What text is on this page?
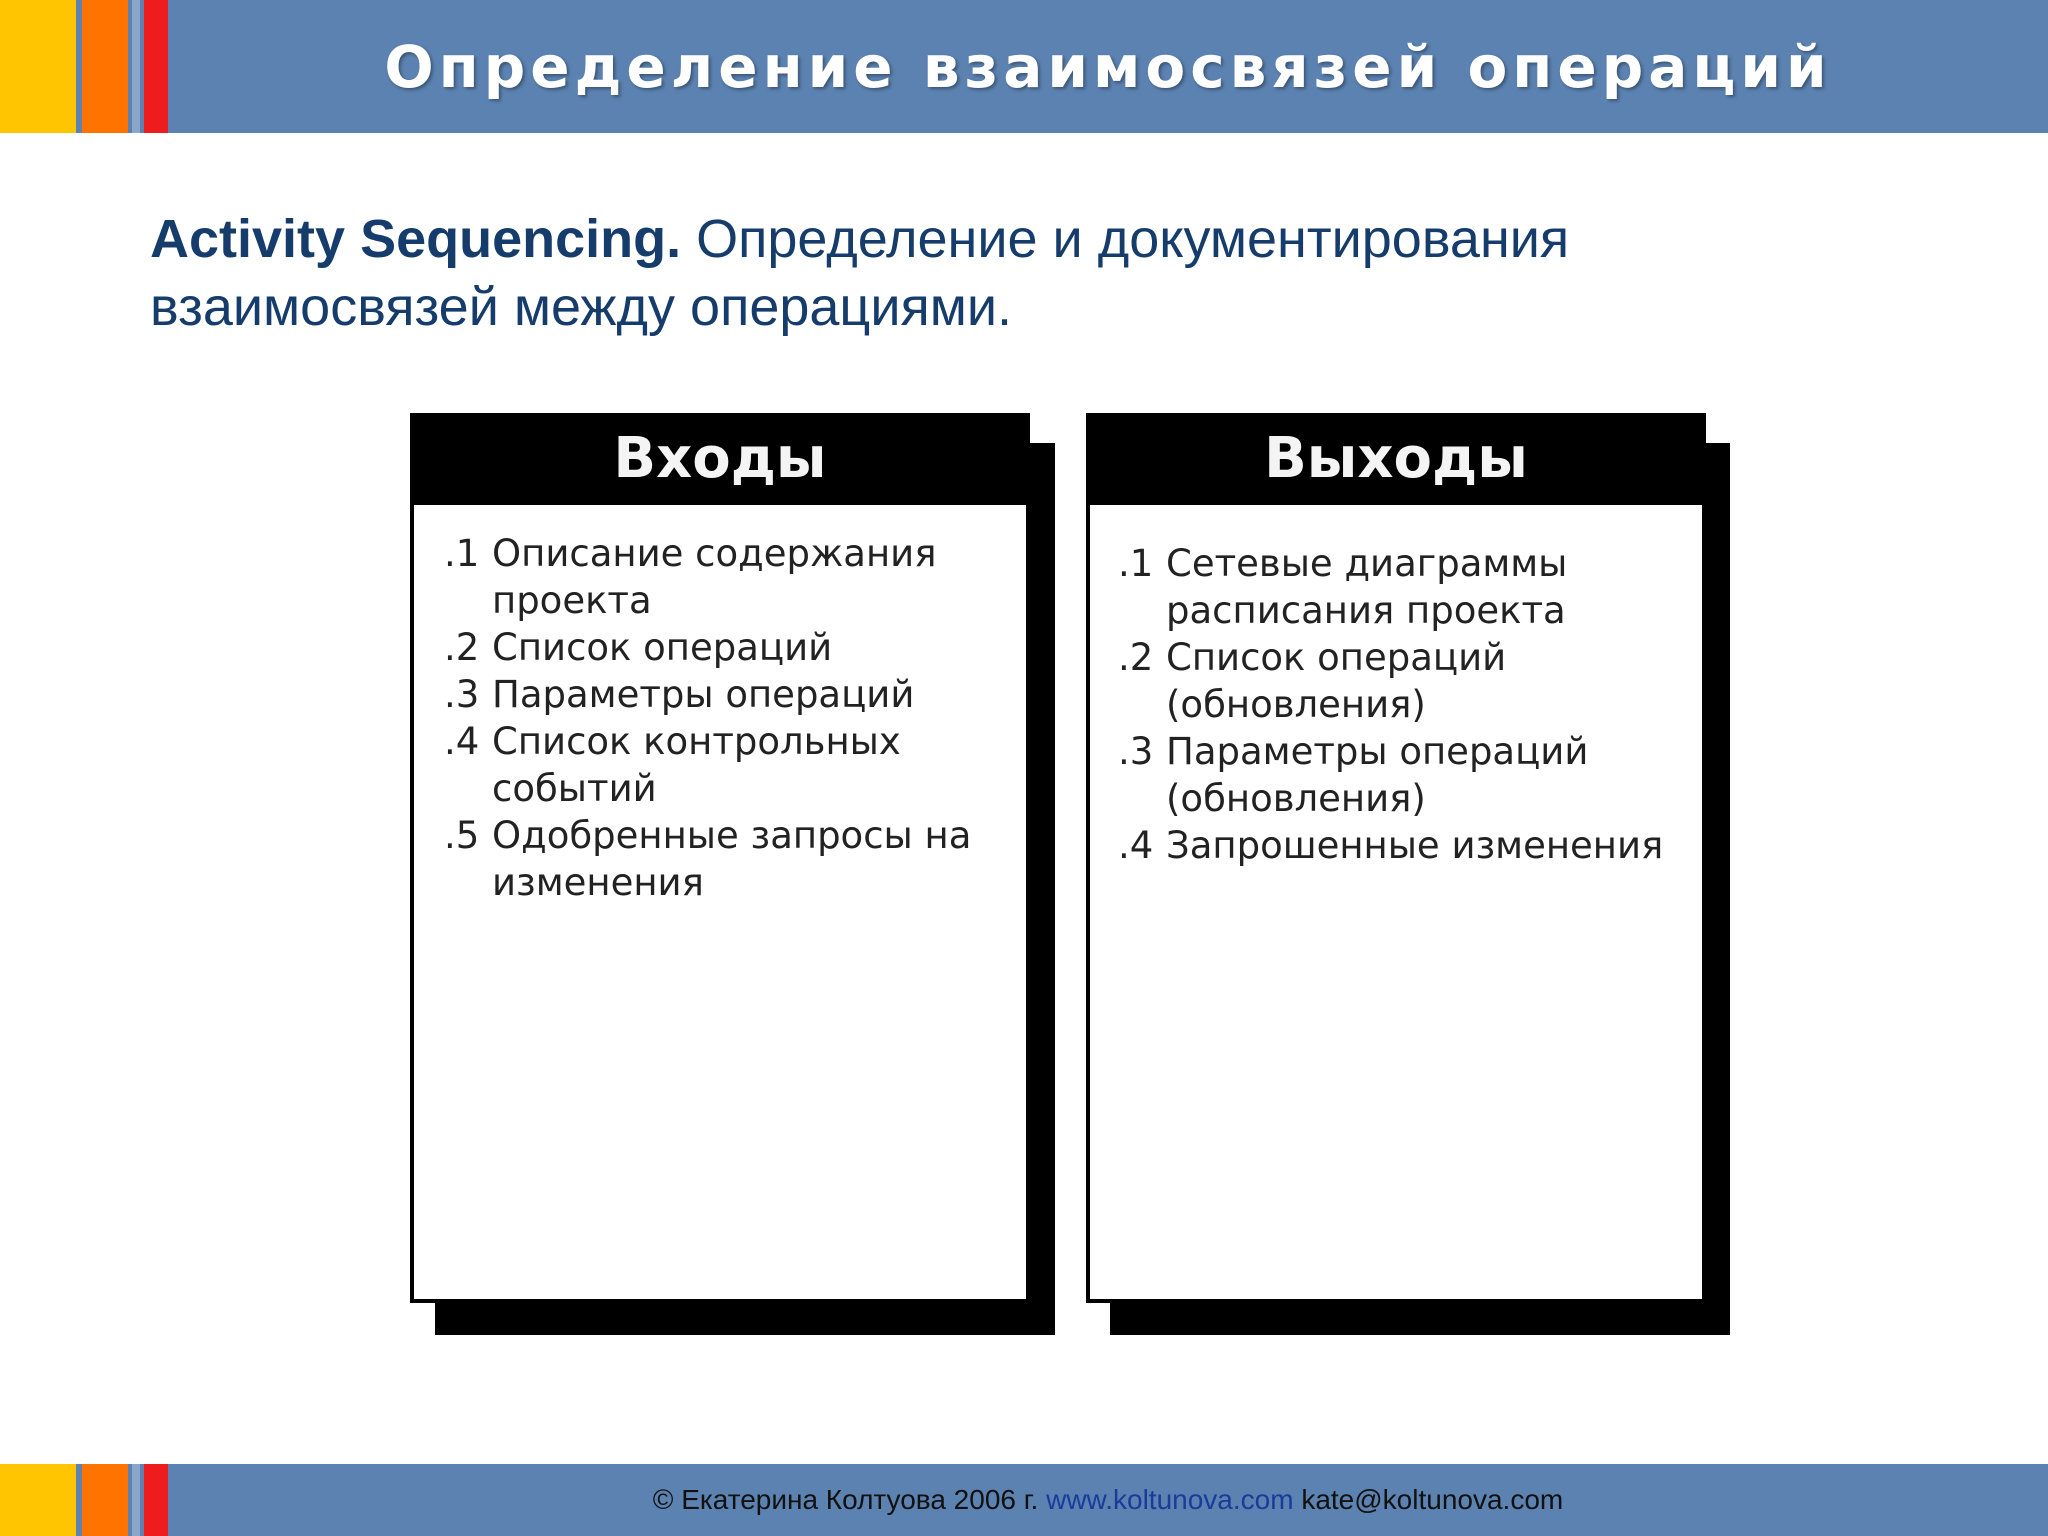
Определение взаимосвязей операций
Activity Sequencing. Определение и документирования взаимосвязей между операциями.
Входы
.1 Описание содержания проекта
.2 Список операций
.3 Параметры операций
.4 Список контрольных событий
.5 Одобренные запросы на изменения
Выходы
.1 Сетевые диаграммы расписания проекта
.2 Список операций (обновления)
.3 Параметры операций (обновления)
.4 Запрошенные изменения
© Екатерина Колтуова 2006 г. www.koltunova.com kate@koltunova.com
